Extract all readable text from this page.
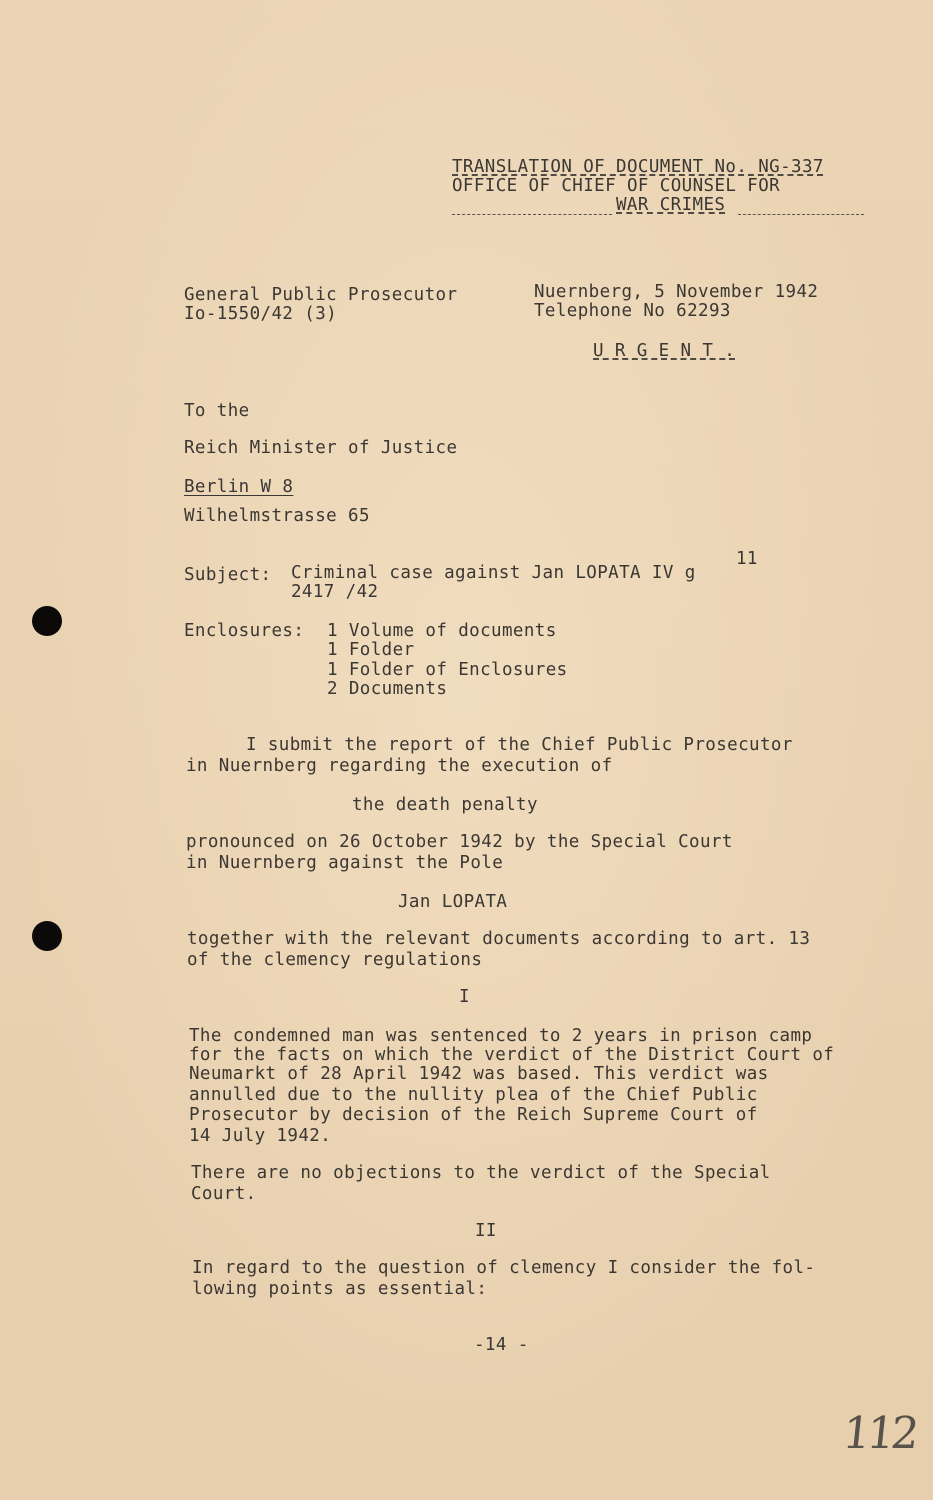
TRANSLATION OF DOCUMENT No. NG-337
OFFICE OF CHIEF OF COUNSEL FOR
WAR CRIMES
General Public Prosecutor
Io-1550/42 (3)
Nuernberg, 5 November 1942
Telephone No 62293
U R G E N T .
To the
Reich Minister of Justice
Berlin W 8
Wilhelmstrasse 65
Subject: Criminal case against Jan LOPATA IV g
11
2417 /42
Enclosures: 1 Volume of documents
1 Folder
1 Folder of Enclosures
2 Documents
I submit the report of the Chief Public Prosecutor
in Nuernberg regarding the execution of
the death penalty
pronounced on 26 October 1942 by the Special Court
in Nuernberg against the Pole
Jan LOPATA
together with the relevant documents according to art. 13
of the clemency regulations
I
The condemned man was sentenced to 2 years in prison camp
for the facts on which the verdict of the District Court of
Neumarkt of 28 April 1942 was based. This verdict was
annulled due to the nullity plea of the Chief Public
Prosecutor by decision of the Reich Supreme Court of
14 July 1942.
There are no objections to the verdict of the Special
Court.
II
In regard to the question of clemency I consider the fol-
lowing points as essential:
-14 -
112
